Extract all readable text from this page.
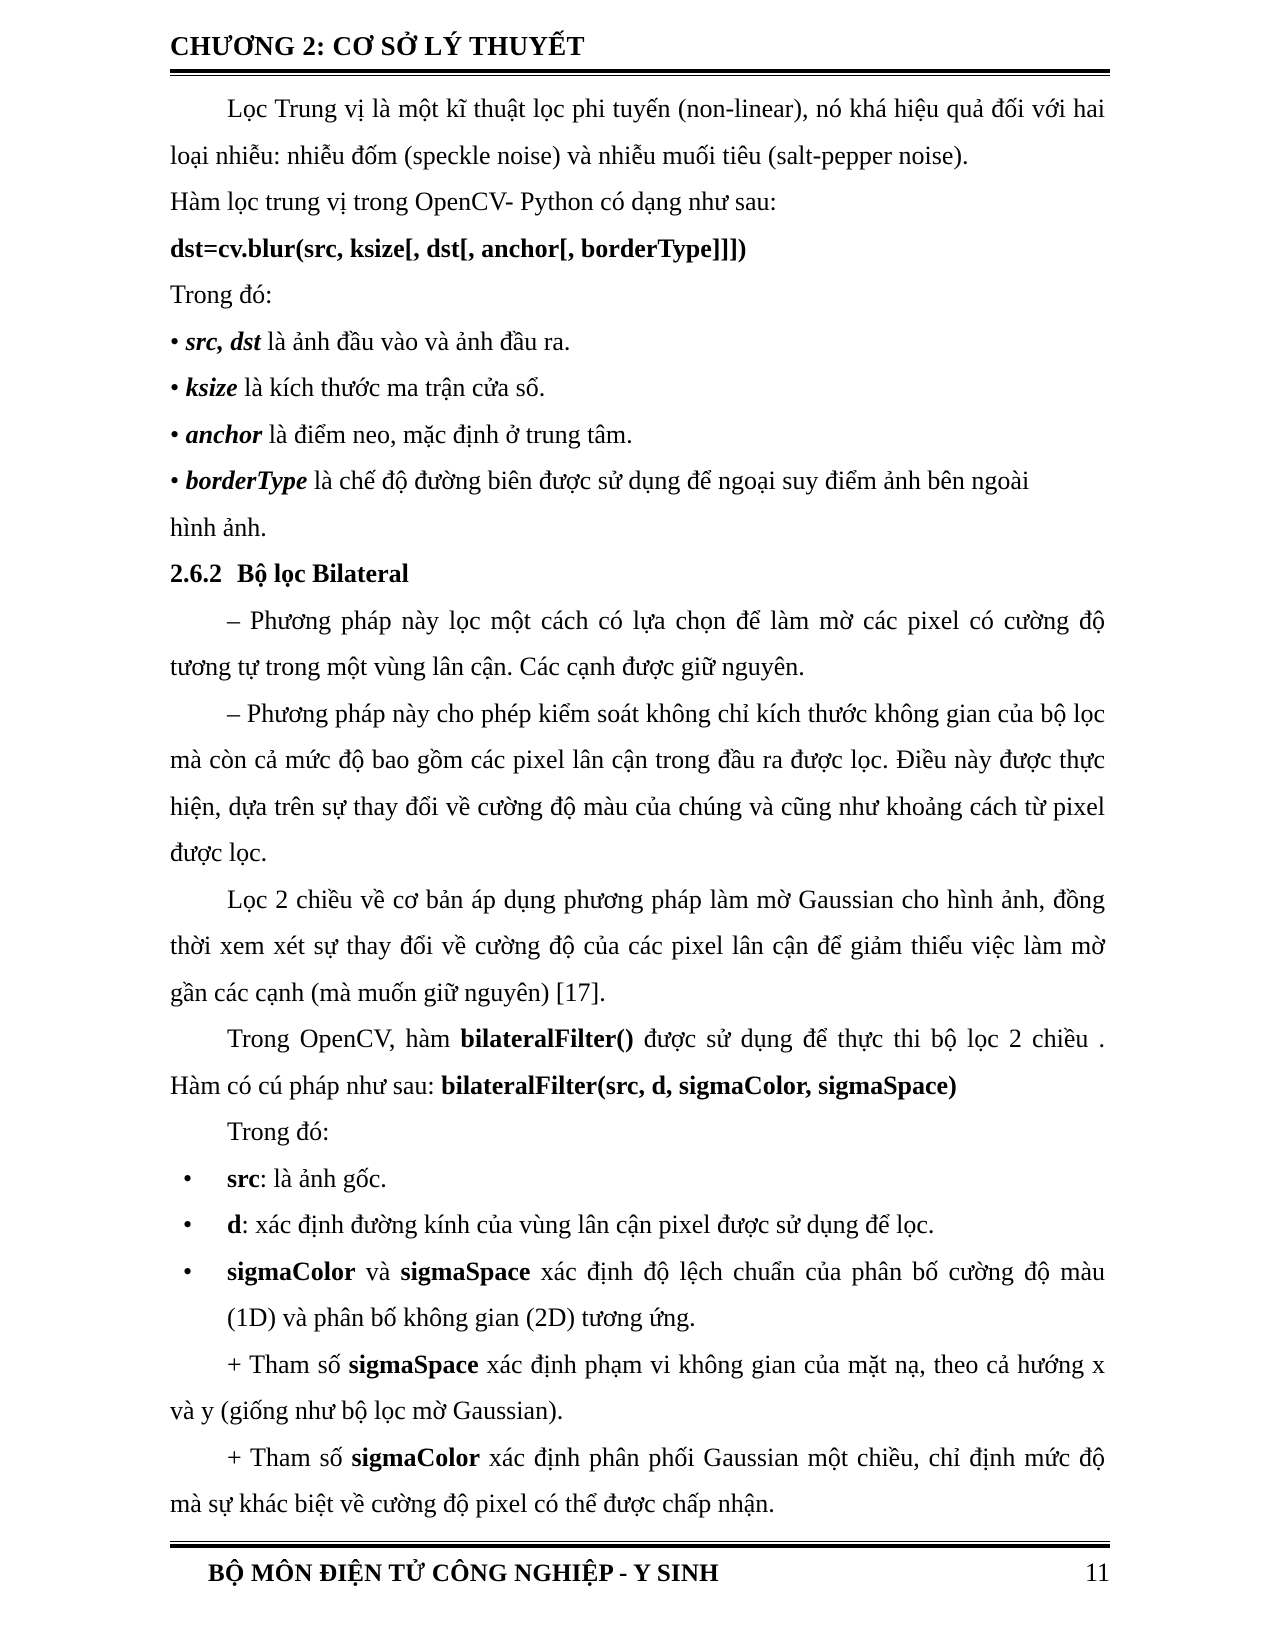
CHƯƠNG 2: CƠ SỞ LÝ THUYẾT
Lọc Trung vị là một kĩ thuật lọc phi tuyến (non-linear), nó khá hiệu quả đối với hai loại nhiễu: nhiễu đốm (speckle noise) và nhiễu muối tiêu (salt-pepper noise).
Hàm lọc trung vị trong OpenCV- Python có dạng như sau:
dst=cv.blur(src, ksize[, dst[, anchor[, borderType]]])
Trong đó:
• src, dst là ảnh đầu vào và ảnh đầu ra.
• ksize là kích thước ma trận cửa sổ.
• anchor là điểm neo, mặc định ở trung tâm.
• borderType là chế độ đường biên được sử dụng để ngoại suy điểm ảnh bên ngoài
hình ảnh.
2.6.2 Bộ lọc Bilateral
– Phương pháp này lọc một cách có lựa chọn để làm mờ các pixel có cường độ tương tự trong một vùng lân cận. Các cạnh được giữ nguyên.
– Phương pháp này cho phép kiểm soát không chỉ kích thước không gian của bộ lọc mà còn cả mức độ bao gồm các pixel lân cận trong đầu ra được lọc. Điều này được thực hiện, dựa trên sự thay đổi về cường độ màu của chúng và cũng như khoảng cách từ pixel được lọc.
Lọc 2 chiều về cơ bản áp dụng phương pháp làm mờ Gaussian cho hình ảnh, đồng thời xem xét sự thay đổi về cường độ của các pixel lân cận để giảm thiểu việc làm mờ gần các cạnh (mà muốn giữ nguyên) [17].
Trong OpenCV, hàm bilateralFilter() được sử dụng để thực thi bộ lọc 2 chiều . Hàm có cú pháp như sau: bilateralFilter(src, d, sigmaColor, sigmaSpace)
Trong đó:
•	src: là ảnh gốc.
•	d: xác định đường kính của vùng lân cận pixel được sử dụng để lọc.
•	sigmaColor và sigmaSpace xác định độ lệch chuẩn của phân bố cường độ màu (1D) và phân bố không gian (2D) tương ứng.
+ Tham số sigmaSpace xác định phạm vi không gian của mặt nạ, theo cả hướng x và y (giống như bộ lọc mờ Gaussian).
+ Tham số sigmaColor xác định phân phối Gaussian một chiều, chỉ định mức độ mà sự khác biệt về cường độ pixel có thể được chấp nhận.
BỘ MÔN ĐIỆN TỬ CÔNG NGHIỆP - Y SINH	11
